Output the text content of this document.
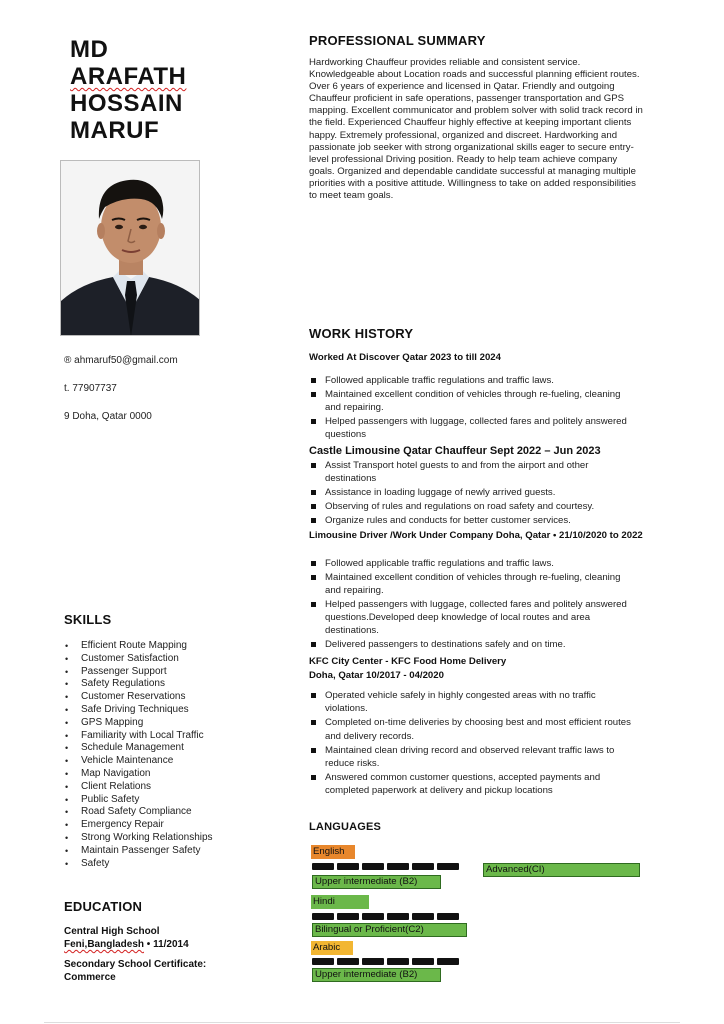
MD
ARAFATH
HOSSAIN
MARUF
® ahmaruf50@gmail.com
t. 77907737
9 Doha, Qatar 0000
SKILLS
• Efficient Route Mapping
• Customer Satisfaction
• Passenger Support
• Safety Regulations
• Customer Reservations
• Safe Driving Techniques
• GPS Mapping
• Familiarity with Local Traffic
• Schedule Management
• Vehicle Maintenance
• Map Navigation
• Client Relations
• Public Safety
• Road Safety Compliance
• Emergency Repair
• Strong Working Relationships
• Maintain Passenger Safety
• Safety
EDUCATION
Central High School
Feni,Bangladesh • 11/2014
Secondary School Certificate:
Commerce
PROFESSIONAL SUMMARY
Hardworking Chauffeur provides reliable and consistent service. Knowledgeable about Location roads and successful planning efficient routes. Over 6 years of experience and licensed in Qatar. Friendly and outgoing Chauffeur proficient in safe operations, passenger transportation and GPS mapping. Excellent communicator and problem solver with solid track record in the field. Experienced Chauffeur highly effective at keeping important clients happy. Extremely professional, organized and discreet. Hardworking and passionate job seeker with strong organizational skills eager to secure entry-level professional Driving position. Ready to help team achieve company goals. Organized and dependable candidate successful at managing multiple priorities with a positive attitude. Willingness to take on added responsibilities to meet team goals.
WORK HISTORY
Worked At Discover Qatar 2023 to till 2024
Followed applicable traffic regulations and traffic laws.
Maintained excellent condition of vehicles through re-fueling, cleaning and repairing.
Helped passengers with luggage, collected fares and politely answered questions
Castle Limousine Qatar Chauffeur Sept 2022 – Jun 2023
Assist Transport hotel guests to and from the airport and other destinations
Assistance in loading luggage of newly arrived guests.
Observing of rules and regulations on road safety and courtesy.
Organize rules and conducts for better customer services.
Limousine Driver /Work Under Company Doha, Qatar • 21/10/2020 to 2022
Followed applicable traffic regulations and traffic laws.
Maintained excellent condition of vehicles through re-fueling, cleaning and repairing.
Helped passengers with luggage, collected fares and politely answered questions.Developed deep knowledge of local routes and area destinations.
Delivered passengers to destinations safely and on time.
KFC City Center - KFC Food Home Delivery
Doha, Qatar 10/2017 - 04/2020
Operated vehicle safely in highly congested areas with no traffic violations.
Completed on-time deliveries by choosing best and most efficient routes
and delivery records.
Maintained clean driving record and observed relevant traffic laws to reduce risks.
Answered common customer questions, accepted payments and completed paperwork at delivery and pickup locations
LANGUAGES
English
Advanced(CI)
Upper intermediate (B2)
Hindi
Bilingual or Proficient(C2)
Arabic
Upper intermediate (B2)
